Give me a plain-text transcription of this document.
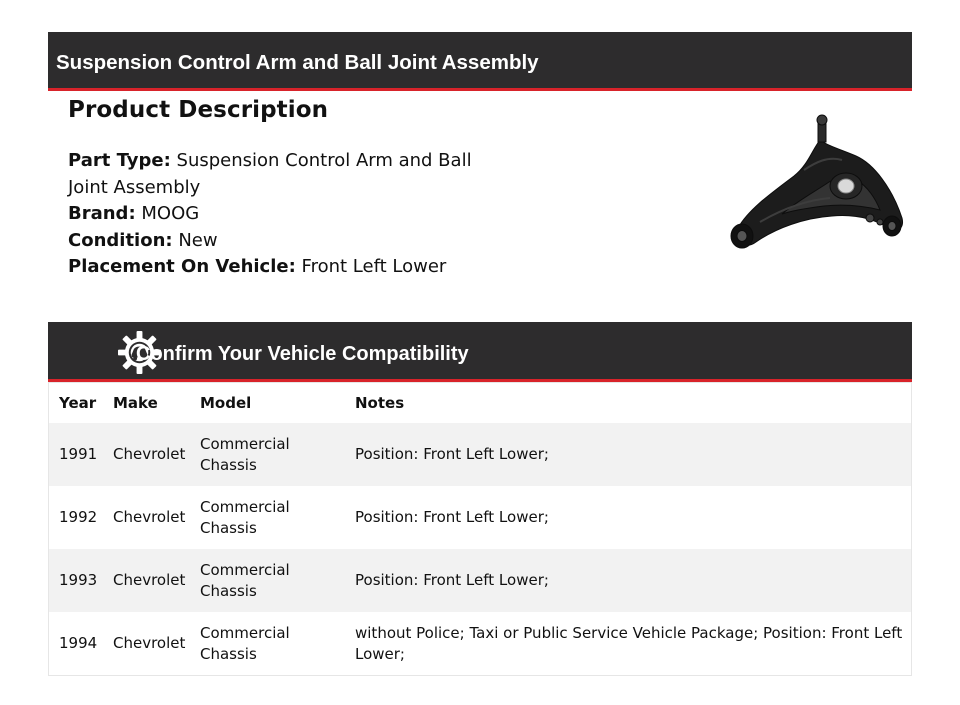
Suspension Control Arm and Ball Joint Assembly
Product Description
Part Type: Suspension Control Arm and Ball Joint Assembly
Brand: MOOG
Condition: New
Placement On Vehicle: Front Left Lower
Confirm Your Vehicle Compatibility
Year	Make	Model	Notes
1991	Chevrolet	Commercial Chassis	Position: Front Left Lower;
1992	Chevrolet	Commercial Chassis	Position: Front Left Lower;
1993	Chevrolet	Commercial Chassis	Position: Front Left Lower;
1994	Chevrolet	Commercial Chassis	without Police; Taxi or Public Service Vehicle Package; Position: Front Left Lower;
